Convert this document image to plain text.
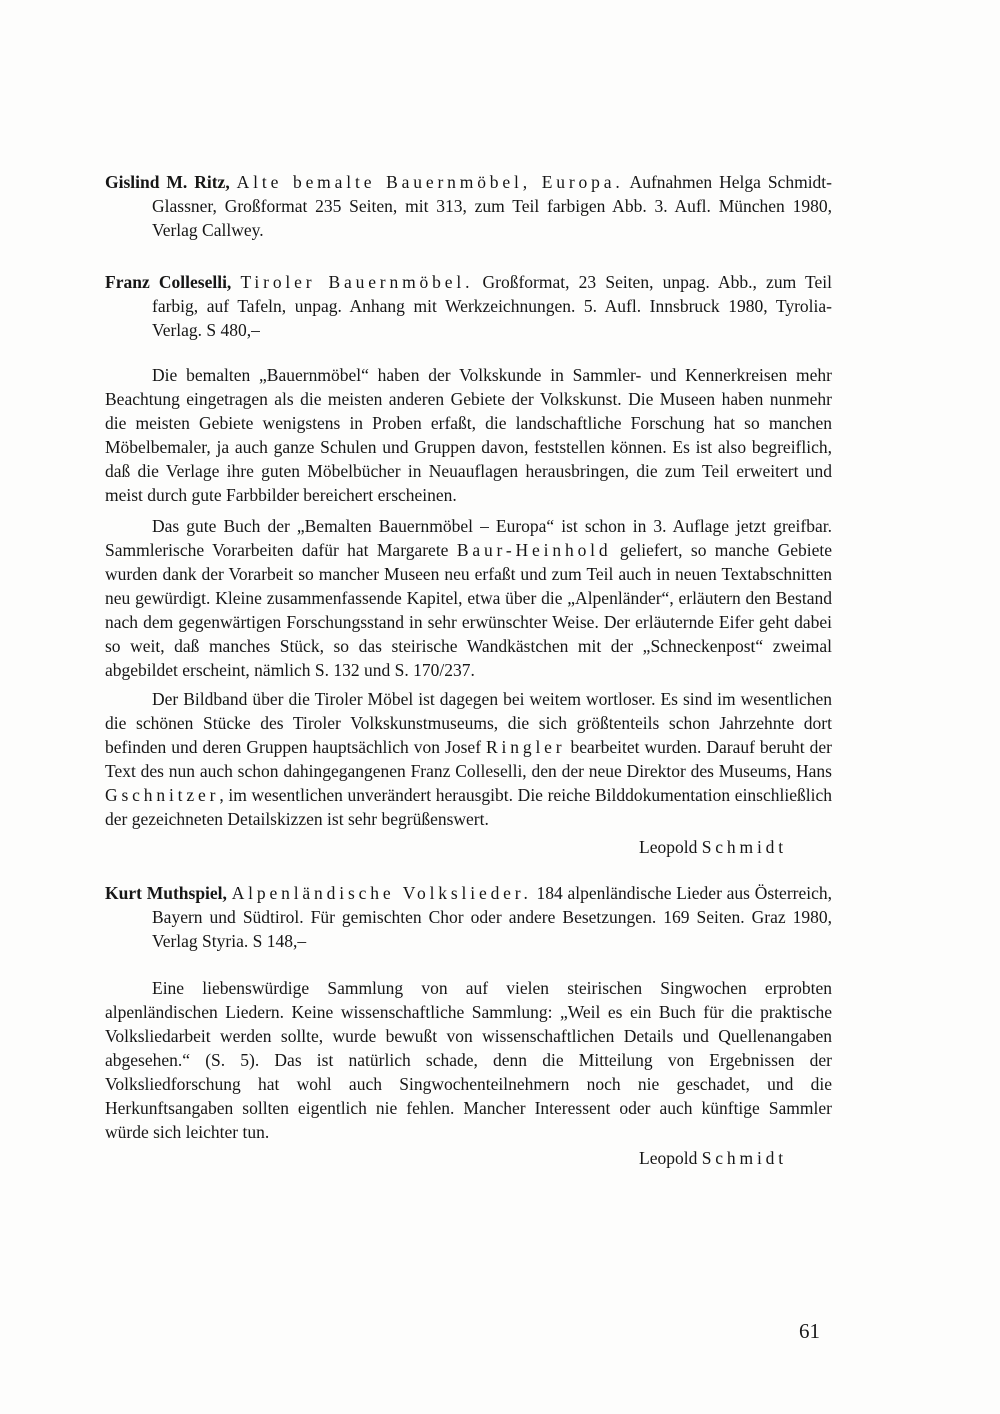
Gislind M. Ritz, Alte bemalte Bauernmöbel, Europa. Aufnahmen Helga Schmidt-Glassner, Großformat 235 Seiten, mit 313, zum Teil farbigen Abb. 3. Aufl. München 1980, Verlag Callwey.
Franz Colleselli, Tiroler Bauernmöbel. Großformat, 23 Seiten, unpag. Abb., zum Teil farbig, auf Tafeln, unpag. Anhang mit Werkzeichnungen. 5. Aufl. Innsbruck 1980, Tyrolia-Verlag. S 480,–
Die bemalten „Bauernmöbel“ haben der Volkskunde in Sammler- und Kennerkreisen mehr Beachtung eingetragen als die meisten anderen Gebiete der Volkskunst. Die Museen haben nunmehr die meisten Gebiete wenigstens in Proben erfaßt, die landschaftliche Forschung hat so manchen Möbelbemaler, ja auch ganze Schulen und Gruppen davon, feststellen können. Es ist also begreiflich, daß die Verlage ihre guten Möbelbücher in Neuauflagen herausbringen, die zum Teil erweitert und meist durch gute Farbbilder bereichert erscheinen.
Das gute Buch der „Bemalten Bauernmöbel – Europa“ ist schon in 3. Auflage jetzt greifbar. Sammlerische Vorarbeiten dafür hat Margarete Baur-Heinhold geliefert, so manche Gebiete wurden dank der Vorarbeit so mancher Museen neu erfaßt und zum Teil auch in neuen Textabschnitten neu gewürdigt. Kleine zusammenfassende Kapitel, etwa über die „Alpenländer“, erläutern den Bestand nach dem gegenwärtigen Forschungsstand in sehr erwünschter Weise. Der erläuternde Eifer geht dabei so weit, daß manches Stück, so das steirische Wandkästchen mit der „Schneckenpost“ zweimal abgebildet erscheint, nämlich S. 132 und S. 170/237.
Der Bildband über die Tiroler Möbel ist dagegen bei weitem wortloser. Es sind im wesentlichen die schönen Stücke des Tiroler Volkskunstmuseums, die sich größtenteils schon Jahrzehnte dort befinden und deren Gruppen hauptsächlich von Josef Ringler bearbeitet wurden. Darauf beruht der Text des nun auch schon dahingegangenen Franz Colleselli, den der neue Direktor des Museums, Hans Gschnitzer, im wesentlichen unverändert herausgibt. Die reiche Bilddokumentation einschließlich der gezeichneten Detailskizzen ist sehr begrüßenswert.
Leopold Schmidt
Kurt Muthspiel, Alpenländische Volkslieder. 184 alpenländische Lieder aus Österreich, Bayern und Südtirol. Für gemischten Chor oder andere Besetzungen. 169 Seiten. Graz 1980, Verlag Styria. S 148,–
Eine liebenswürdige Sammlung von auf vielen steirischen Singwochen erprobten alpenländischen Liedern. Keine wissenschaftliche Sammlung: „Weil es ein Buch für die praktische Volksliedarbeit werden sollte, wurde bewußt von wissenschaftlichen Details und Quellenangaben abgesehen.“ (S. 5). Das ist natürlich schade, denn die Mitteilung von Ergebnissen der Volksliedforschung hat wohl auch Singwochenteilnehmern noch nie geschadet, und die Herkunftsangaben sollten eigentlich nie fehlen. Mancher Interessent oder auch künftige Sammler würde sich leichter tun.
Leopold Schmidt
61
